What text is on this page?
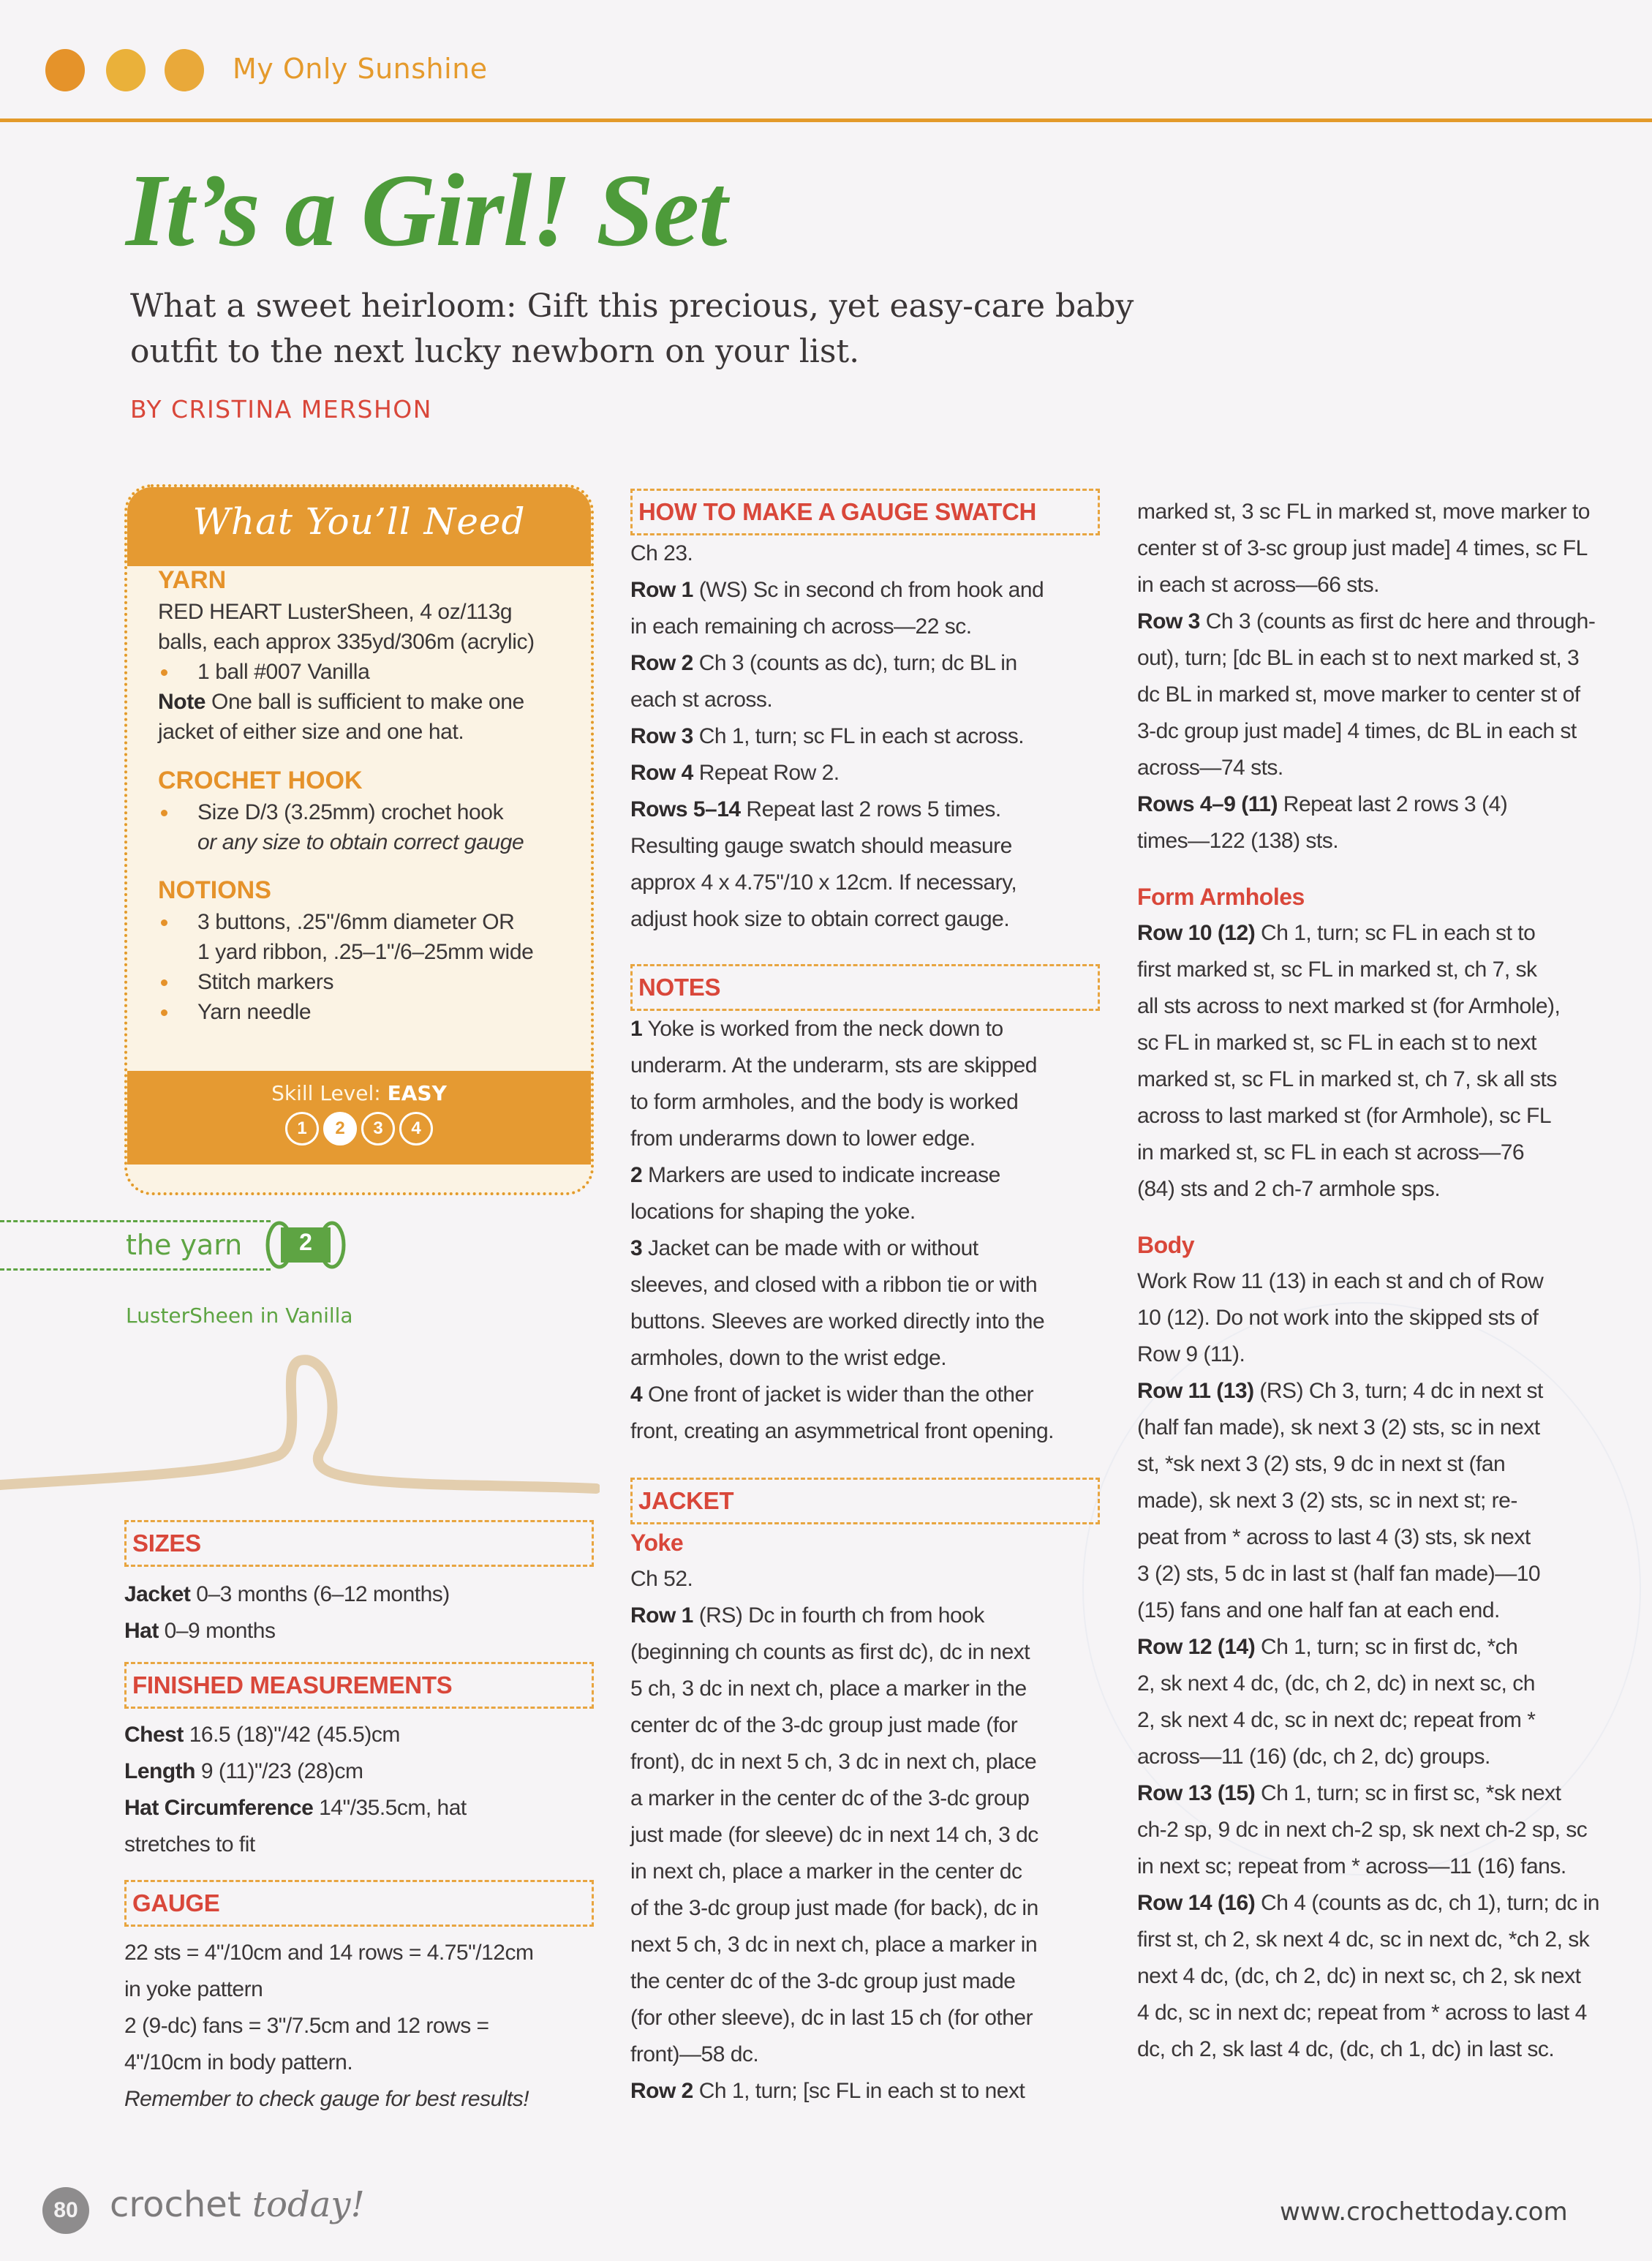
My Only Sunshine
It’s a Girl! Set
What a sweet heirloom: Gift this precious, yet easy-care baby outfit to the next lucky newborn on your list.
BY CRISTINA MERSHON
What You’ll Need
YARN
RED HEART LusterSheen, 4 oz/113g
balls, each approx 335yd/306m (acrylic)
1 ball #007 Vanilla
Note One ball is sufficient to make one
jacket of either size and one hat.
CROCHET HOOK
Size D/3 (3.25mm) crochet hook
or any size to obtain correct gauge
NOTIONS
3 buttons, .25"/6mm diameter OR
1 yard ribbon, .25–1"/6–25mm wide
Stitch markers
Yarn needle
Skill Level: EASY
1	2	3	4
the yarn	2
LusterSheen in Vanilla
SIZES

Jacket 0–3 months (6–12 months)

Hat 0–9 months

FINISHED MEASUREMENTS

Chest 16.5 (18)"/42 (45.5)cm

Length 9 (11)"/23 (28)cm

Hat Circumference 14"/35.5cm, hat

stretches to fit

GAUGE

22 sts = 4"/10cm and 14 rows = 4.75"/12cm

in yoke pattern

2 (9-dc) fans = 3"/7.5cm and 12 rows =

4"/10cm in body pattern.

Remember to check gauge for best results!

HOW TO MAKE A GAUGE SWATCH

Ch 23.

Row 1 (WS) Sc in second ch from hook and

in each remaining ch across—22 sc.

Row 2 Ch 3 (counts as dc), turn; dc BL in

each st across.

Row 3 Ch 1, turn; sc FL in each st across.

Row 4 Repeat Row 2.

Rows 5–14 Repeat last 2 rows 5 times.

Resulting gauge swatch should measure

approx 4 x 4.75"/10 x 12cm. If necessary,

adjust hook size to obtain correct gauge.

NOTES

1 Yoke is worked from the neck down to

underarm. At the underarm, sts are skipped

to form armholes, and the body is worked

from underarms down to lower edge.

2 Markers are used to indicate increase

locations for shaping the yoke.

3 Jacket can be made with or without

sleeves, and closed with a ribbon tie or with

buttons. Sleeves are worked directly into the

armholes, down to the wrist edge.

4 One front of jacket is wider than the other

front, creating an asymmetrical front opening.

JACKET

Yoke

Ch 52.

Row 1 (RS) Dc in fourth ch from hook

(beginning ch counts as first dc), dc in next

5 ch, 3 dc in next ch, place a marker in the

center dc of the 3-dc group just made (for

front), dc in next 5 ch, 3 dc in next ch, place

a marker in the center dc of the 3-dc group

just made (for sleeve) dc in next 14 ch, 3 dc

in next ch, place a marker in the center dc

of the 3-dc group just made (for back), dc in

next 5 ch, 3 dc in next ch, place a marker in

the center dc of the 3-dc group just made

(for other sleeve), dc in last 15 ch (for other

front)—58 dc.

Row 2 Ch 1, turn; [sc FL in each st to next

marked st, 3 sc FL in marked st, move marker to

center st of 3-sc group just made] 4 times, sc FL

in each st across—66 sts.

Row 3 Ch 3 (counts as first dc here and through-

out), turn; [dc BL in each st to next marked st, 3

dc BL in marked st, move marker to center st of

3-dc group just made] 4 times, dc BL in each st

across—74 sts.

Rows 4–9 (11) Repeat last 2 rows 3 (4)

times—122 (138) sts.

Form Armholes

Row 10 (12) Ch 1, turn; sc FL in each st to

first marked st, sc FL in marked st, ch 7, sk

all sts across to next marked st (for Armhole),

sc FL in marked st, sc FL in each st to next

marked st, sc FL in marked st, ch 7, sk all sts

across to last marked st (for Armhole), sc FL

in marked st, sc FL in each st across—76

(84) sts and 2 ch-7 armhole sps.

Body

Work Row 11 (13) in each st and ch of Row

10 (12). Do not work into the skipped sts of

Row 9 (11).

Row 11 (13) (RS) Ch 3, turn; 4 dc in next st

(half fan made), sk next 3 (2) sts, sc in next

st, *sk next 3 (2) sts, 9 dc in next st (fan

made), sk next 3 (2) sts, sc in next st; re-

peat from * across to last 4 (3) sts, sk next

3 (2) sts, 5 dc in last st (half fan made)—10

(15) fans and one half fan at each end.

Row 12 (14) Ch 1, turn; sc in first dc, *ch

2, sk next 4 dc, (dc, ch 2, dc) in next sc, ch

2, sk next 4 dc, sc in next dc; repeat from *

across—11 (16) (dc, ch 2, dc) groups.

Row 13 (15) Ch 1, turn; sc in first sc, *sk next

ch-2 sp, 9 dc in next ch-2 sp, sk next ch-2 sp, sc

in next sc; repeat from * across—11 (16) fans.

Row 14 (16) Ch 4 (counts as dc, ch 1), turn; dc in

first st, ch 2, sk next 4 dc, sc in next dc, *ch 2, sk

next 4 dc, (dc, ch 2, dc) in next sc, ch 2, sk next

4 dc, sc in next dc; repeat from * across to last 4

dc, ch 2, sk last 4 dc, (dc, ch 1, dc) in last sc.

80 crochet today!	www.crochettoday.com
